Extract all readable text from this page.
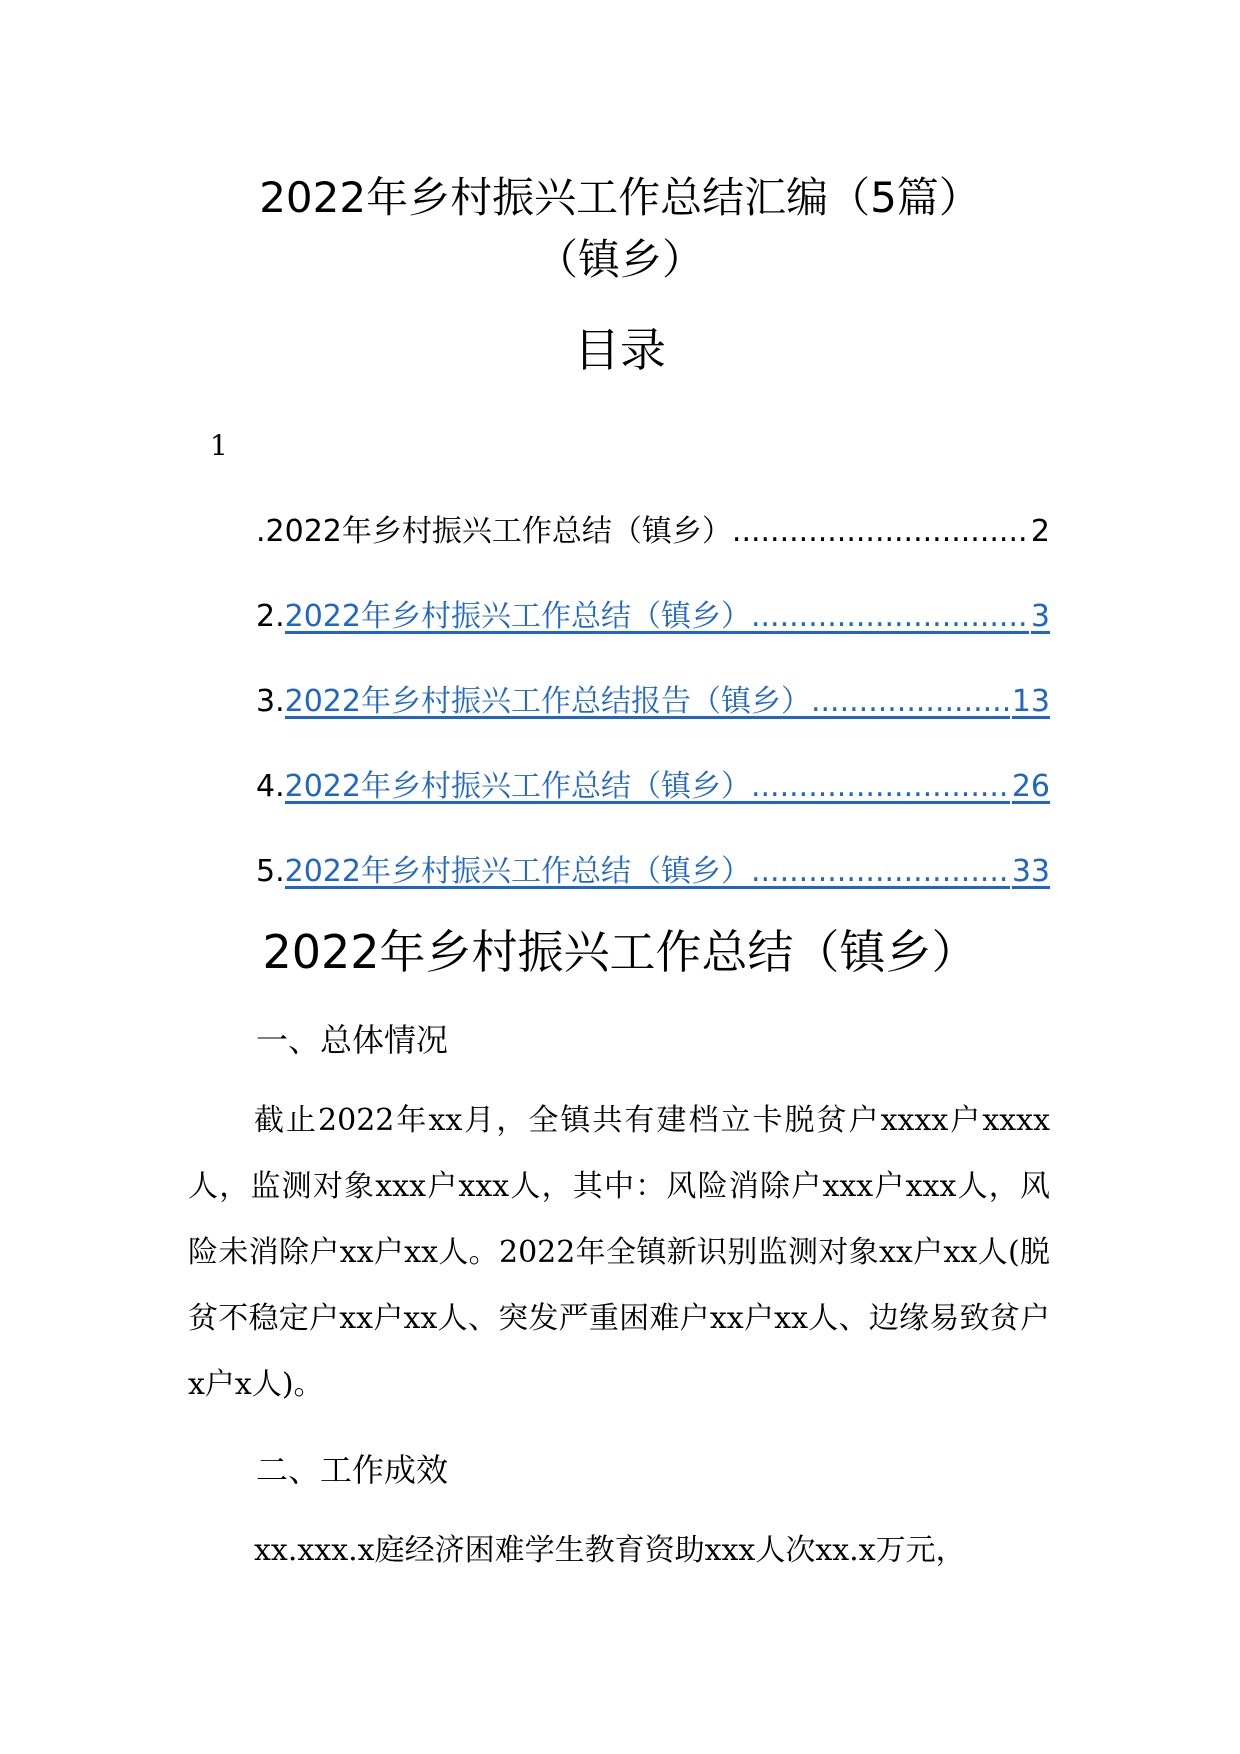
2022年乡村振兴工作总结汇编（5篇）
（镇乡）
目录
1
. 2022年乡村振兴工作总结（镇乡） .....	2
2. 2022年乡村振兴工作总结（镇乡） .....	3
3. 2022年乡村振兴工作总结报告（镇乡） .....	13
4. 2022年乡村振兴工作总结（镇乡） .....	26
5. 2022年乡村振兴工作总结（镇乡） .....	33
2022年乡村振兴工作总结（镇乡）
一、总体情况
截止2022年xx月，全镇共有建档立卡脱贫户xxxx户xxxx人，监测对象xxx户xxx人，其中：风险消除户xxx户xxx人，风险未消除户xx户xx人。2022年全镇新识别监测对象xx户xx人(脱贫不稳定户xx户xx人、突发严重困难户xx户xx人、边缘易致贫户x户x人)。
二、工作成效
xx.xxx.x庭经济困难学生教育资助xxx人次xx.x万元，
